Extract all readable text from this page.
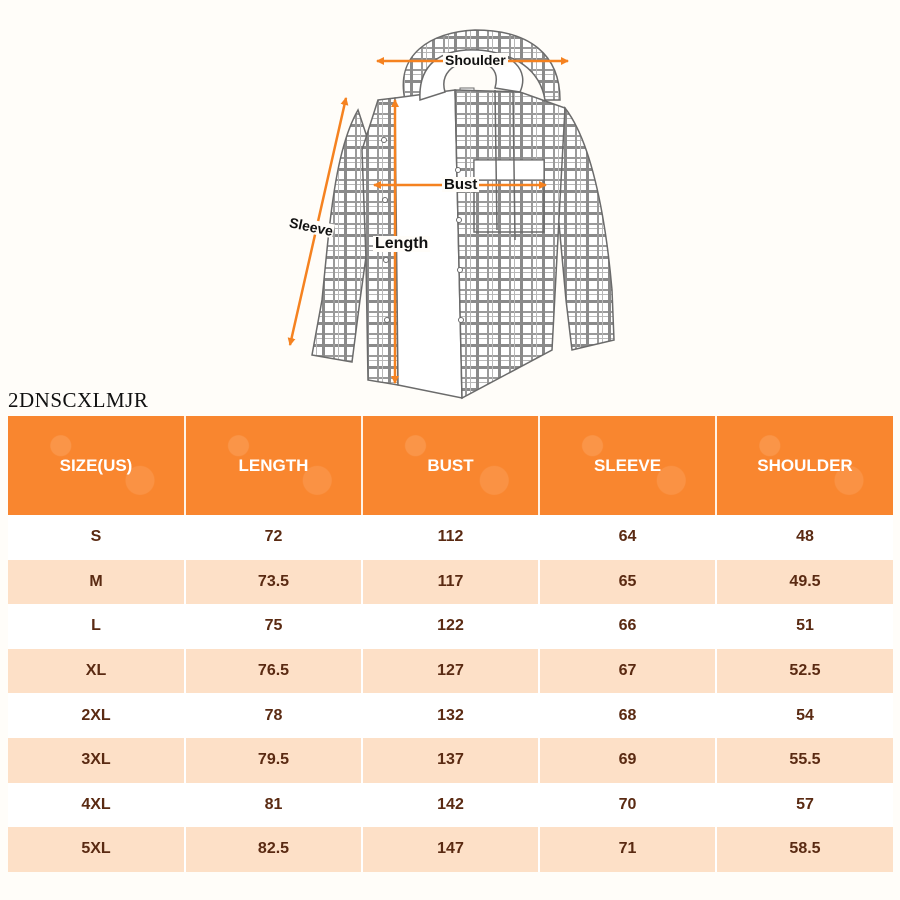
Shoulder
Bust
Length
Sleeve
2DNSCXLMJR
SIZE(US)	LENGTH	BUST	SLEEVE	SHOULDER
S	72	112	64	48
M	73.5	117	65	49.5
L	75	122	66	51
XL	76.5	127	67	52.5
2XL	78	132	68	54
3XL	79.5	137	69	55.5
4XL	81	142	70	57
5XL	82.5	147	71	58.5
